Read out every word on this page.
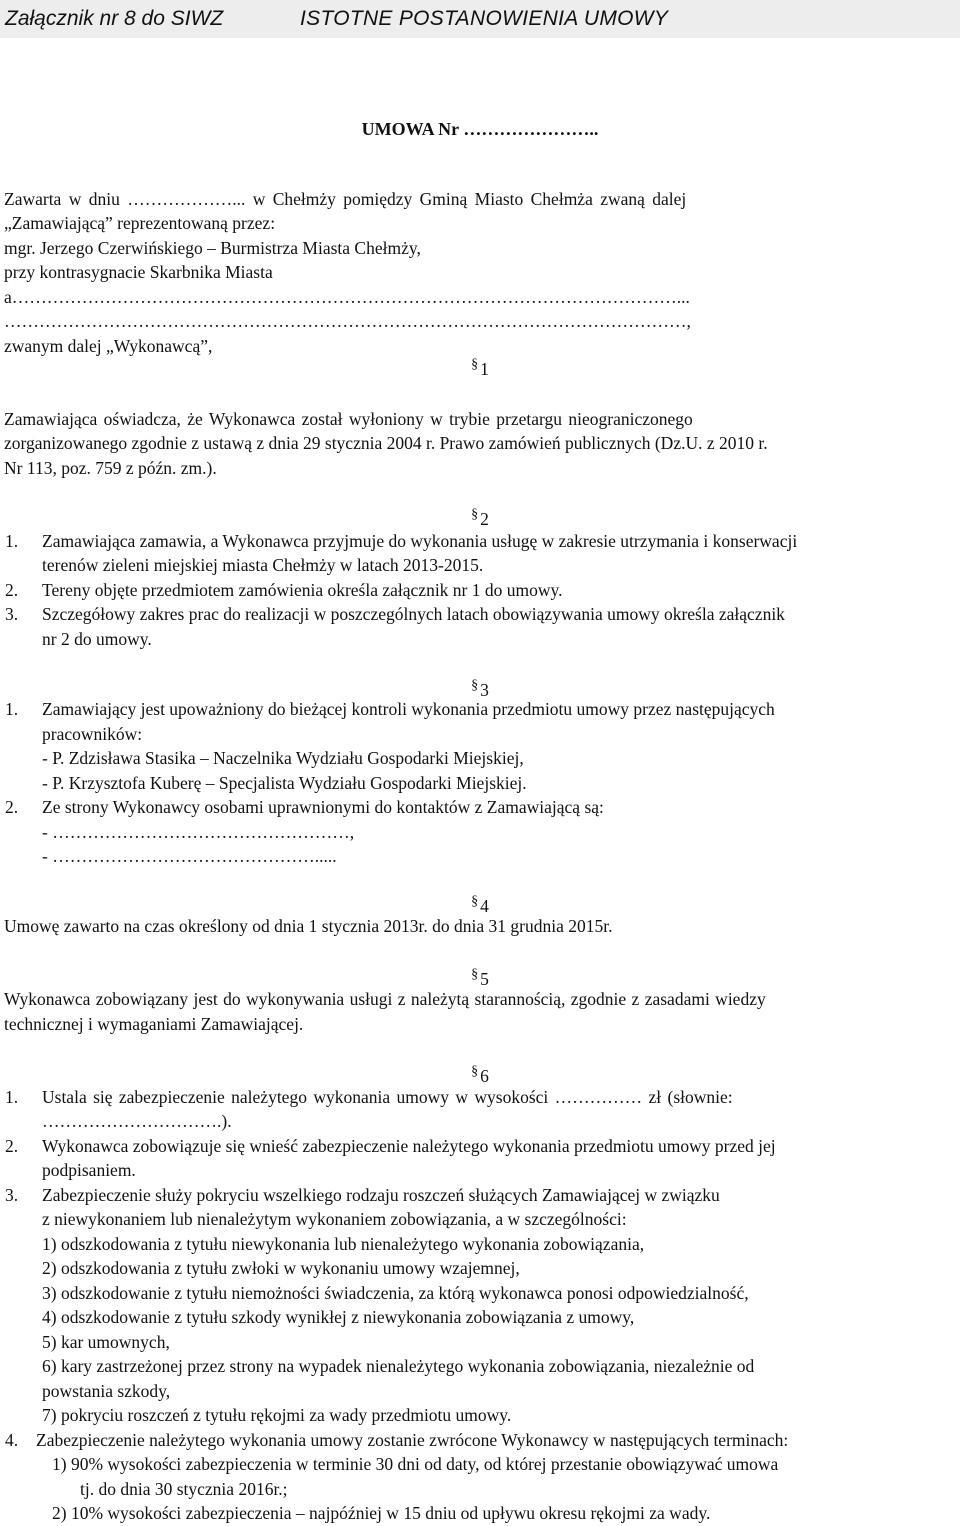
Załącznik nr 8 do SIWZ	ISTOTNE POSTANOWIENIA UMOWY
UMOWA Nr …………………..
Zawarta w dniu ………………... w Chełmży pomiędzy Gminą Miasto Chełmża zwaną dalej
„Zamawiającą” reprezentowaną przez:
mgr. Jerzego Czerwińskiego – Burmistrza Miasta Chełmży,
przy kontrasygnacie Skarbnika Miasta
a……………………………………………………………………………………………………...
………………………………………………………………………………………………………,
zwanym dalej „Wykonawcą”,
§ 1
Zamawiająca oświadcza, że Wykonawca został wyłoniony w trybie przetargu nieograniczonego
zorganizowanego zgodnie z ustawą z dnia 29 stycznia 2004 r. Prawo zamówień publicznych (Dz.U. z 2010 r.
Nr 113, poz. 759 z późn. zm.).
§ 2
1. Zamawiająca zamawia, a Wykonawca przyjmuje do wykonania usługę w zakresie utrzymania i konserwacji
terenów zieleni miejskiej miasta Chełmży w latach 2013-2015.
2. Tereny objęte przedmiotem zamówienia określa załącznik nr 1 do umowy.
3. Szczegółowy zakres prac do realizacji w poszczególnych latach obowiązywania umowy określa załącznik
nr 2 do umowy.
§ 3
1. Zamawiający jest upoważniony do bieżącej kontroli wykonania przedmiotu umowy przez następujących
pracowników:
- P. Zdzisława Stasika – Naczelnika Wydziału Gospodarki Miejskiej,
- P. Krzysztofa Kuberę – Specjalista Wydziału Gospodarki Miejskiej.
2. Ze strony Wykonawcy osobami uprawnionymi do kontaktów z Zamawiającą są:
- ……………………………………………,
- ……………………………………….....
§ 4
Umowę zawarto na czas określony od dnia 1 stycznia 2013r. do dnia 31 grudnia 2015r.
§ 5
Wykonawca zobowiązany jest do wykonywania usługi z należytą starannością, zgodnie z zasadami wiedzy
technicznej i wymaganiami Zamawiającej.
§ 6
1. Ustala się zabezpieczenie należytego wykonania umowy w wysokości …………… zł (słownie:
………………………….).
2. Wykonawca zobowiązuje się wnieść zabezpieczenie należytego wykonania przedmiotu umowy przed jej
podpisaniem.
3. Zabezpieczenie służy pokryciu wszelkiego rodzaju roszczeń służących Zamawiającej w związku
z niewykonaniem lub nienależytym wykonaniem zobowiązania, a w szczególności:
1) odszkodowania z tytułu niewykonania lub nienależytego wykonania zobowiązania,
2) odszkodowania z tytułu zwłoki w wykonaniu umowy wzajemnej,
3) odszkodowanie z tytułu niemożności świadczenia, za którą wykonawca ponosi odpowiedzialność,
4) odszkodowanie z tytułu szkody wynikłej z niewykonania zobowiązania z umowy,
5) kar umownych,
6) kary zastrzeżonej przez strony na wypadek nienależytego wykonania zobowiązania, niezależnie od
powstania szkody,
7) pokryciu roszczeń z tytułu rękojmi za wady przedmiotu umowy.
4. Zabezpieczenie należytego wykonania umowy zostanie zwrócone Wykonawcy w następujących terminach:
1) 90% wysokości zabezpieczenia w terminie 30 dni od daty, od której przestanie obowiązywać umowa
tj. do dnia 30 stycznia 2016r.;
2) 10% wysokości zabezpieczenia – najpóźniej w 15 dniu od upływu okresu rękojmi za wady.
